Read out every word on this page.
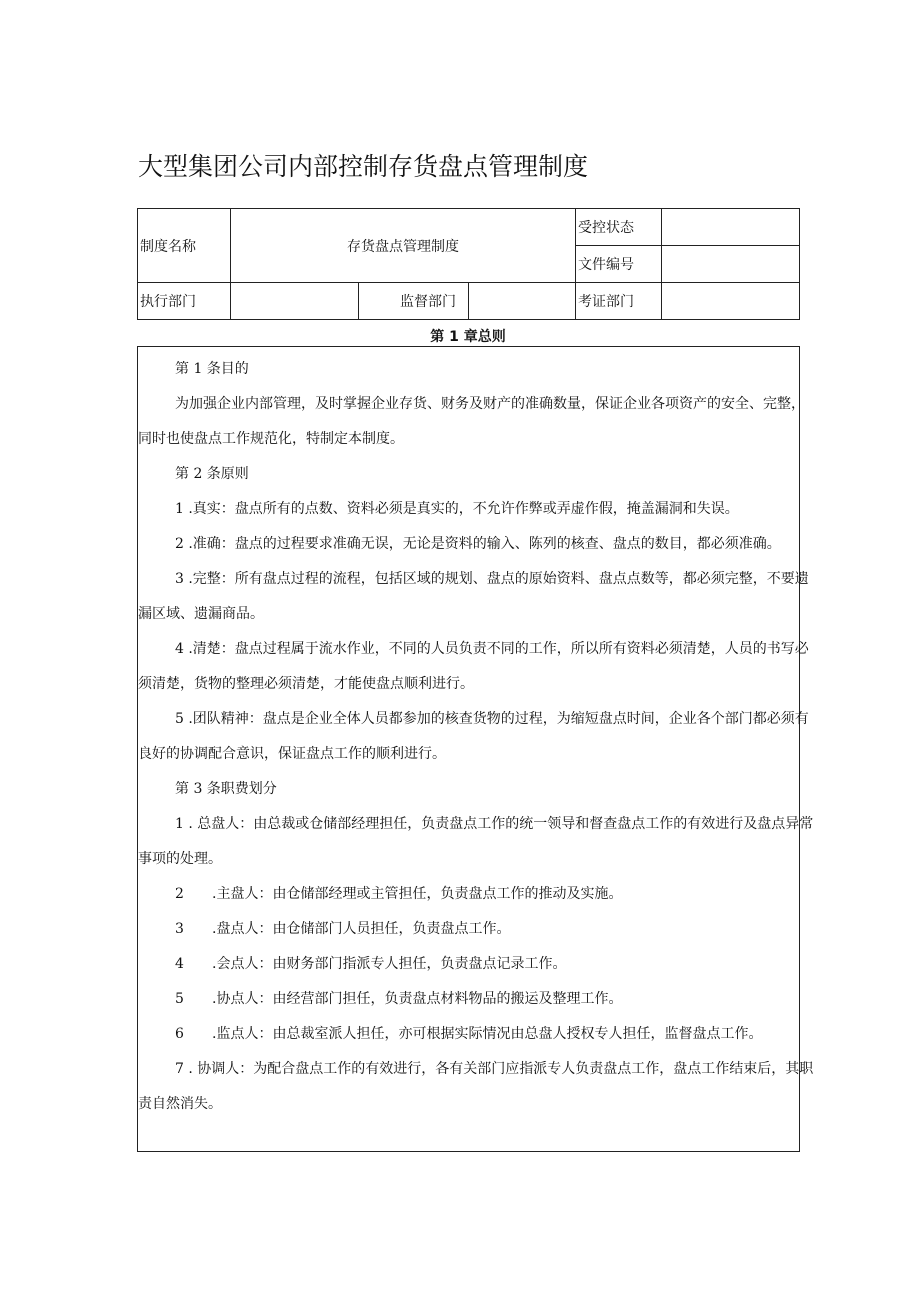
大型集团公司内部控制存货盘点管理制度
制度名称	存货盘点管理制度			受控状态	
				文件编号	
执行部门		监督部门		考证部门	
第 1 章总则

第 1 条目的

为加强企业内部管理，及时掌握企业存货、财务及财产的准确数量，保证企业各项资产的安全、完整，

同时也使盘点工作规范化，特制定本制度。

第 2 条原则

1 .真实：盘点所有的点数、资料必须是真实的，不允许作弊或弄虚作假，掩盖漏洞和失误。

2 .准确：盘点的过程要求准确无误，无论是资料的输入、陈列的核查、盘点的数目，都必须准确。

3 .完整：所有盘点过程的流程，包括区域的规划、盘点的原始资料、盘点点数等，都必须完整，不要遗

漏区域、遗漏商品。

4 .清楚：盘点过程属于流水作业，不同的人员负责不同的工作，所以所有资料必须清楚，人员的书写必

须清楚，货物的整理必须清楚，才能使盘点顺利进行。

5 .团队精神：盘点是企业全体人员都参加的核查货物的过程，为缩短盘点时间，企业各个部门都必须有

良好的协调配合意识，保证盘点工作的顺利进行。

第 3 条职费划分

1 . 总盘人：由总裁或仓储部经理担任，负责盘点工作的统一领导和督查盘点工作的有效进行及盘点异常

事项的处理。

2 .主盘人：由仓储部经理或主管担任，负责盘点工作的推动及实施。

3 .盘点人：由仓储部门人员担任，负责盘点工作。

4 .会点人：由财务部门指派专人担任，负责盘点记录工作。

5 .协点人：由经营部门担任，负责盘点材料物品的搬运及整理工作。

6 .监点人：由总裁室派人担任，亦可根据实际情况由总盘人授权专人担任，监督盘点工作。

7 . 协调人：为配合盘点工作的有效进行，各有关部门应指派专人负责盘点工作，盘点工作结束后，其职

责自然消失。
